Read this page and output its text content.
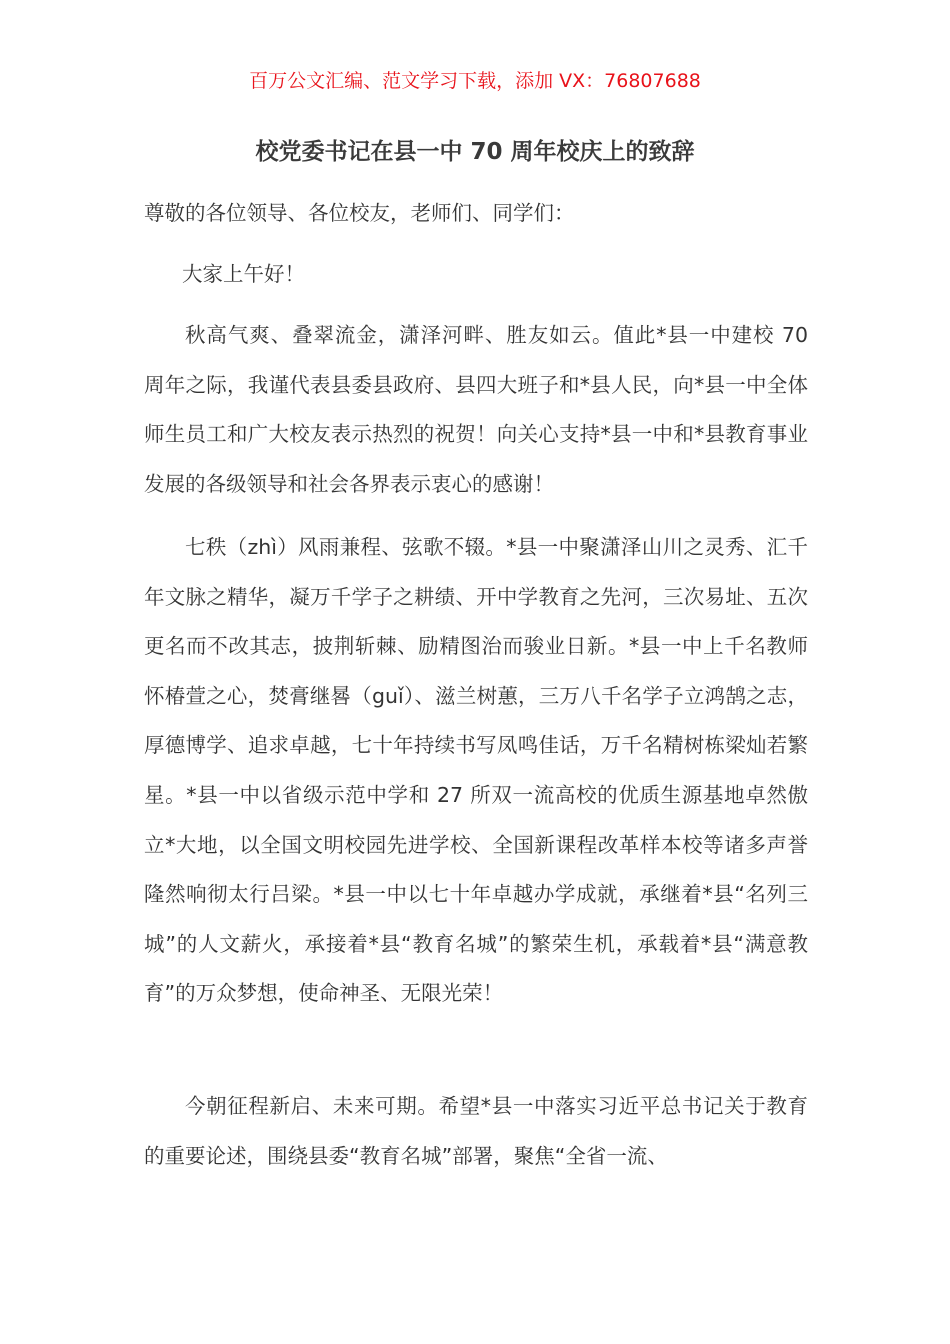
百万公文汇编、范文学习下载，添加 VX：76807688
校党委书记在县一中 70 周年校庆上的致辞
尊敬的各位领导、各位校友，老师们、同学们：
大家上午好！

秋高气爽、叠翠流金，潇泽河畔、胜友如云。值此*县一中建校 70 周年之际，我谨代表县委县政府、县四大班子和*县人民，向*县一中全体师生员工和广大校友表示热烈的祝贺！向关心支持*县一中和*县教育事业发展的各级领导和社会各界表示衷心的感谢！

七秩（zhì）风雨兼程、弦歌不辍。*县一中聚潇泽山川之灵秀、汇千年文脉之精华，凝万千学子之耕绩、开中学教育之先河，三次易址、五次更名而不改其志，披荆斩棘、励精图治而骏业日新。*县一中上千名教师怀椿萱之心，焚膏继晷（guǐ）、滋兰树蕙，三万八千名学子立鸿鹄之志，厚德博学、追求卓越，七十年持续书写凤鸣佳话，万千名精树栋梁灿若繁星。*县一中以省级示范中学和 27 所双一流高校的优质生源基地卓然傲立*大地，以全国文明校园先进学校、全国新课程改革样本校等诸多声誉隆然响彻太行吕梁。*县一中以七十年卓越办学成就，承继着*县“名列三城”的人文薪火，承接着*县“教育名城”的繁荣生机，承载着*县“满意教育”的万众梦想，使命神圣、无限光荣！

今朝征程新启、未来可期。希望*县一中落实习近平总书记关于教育的重要论述，围绕县委“教育名城”部署，聚焦“全省一流、
